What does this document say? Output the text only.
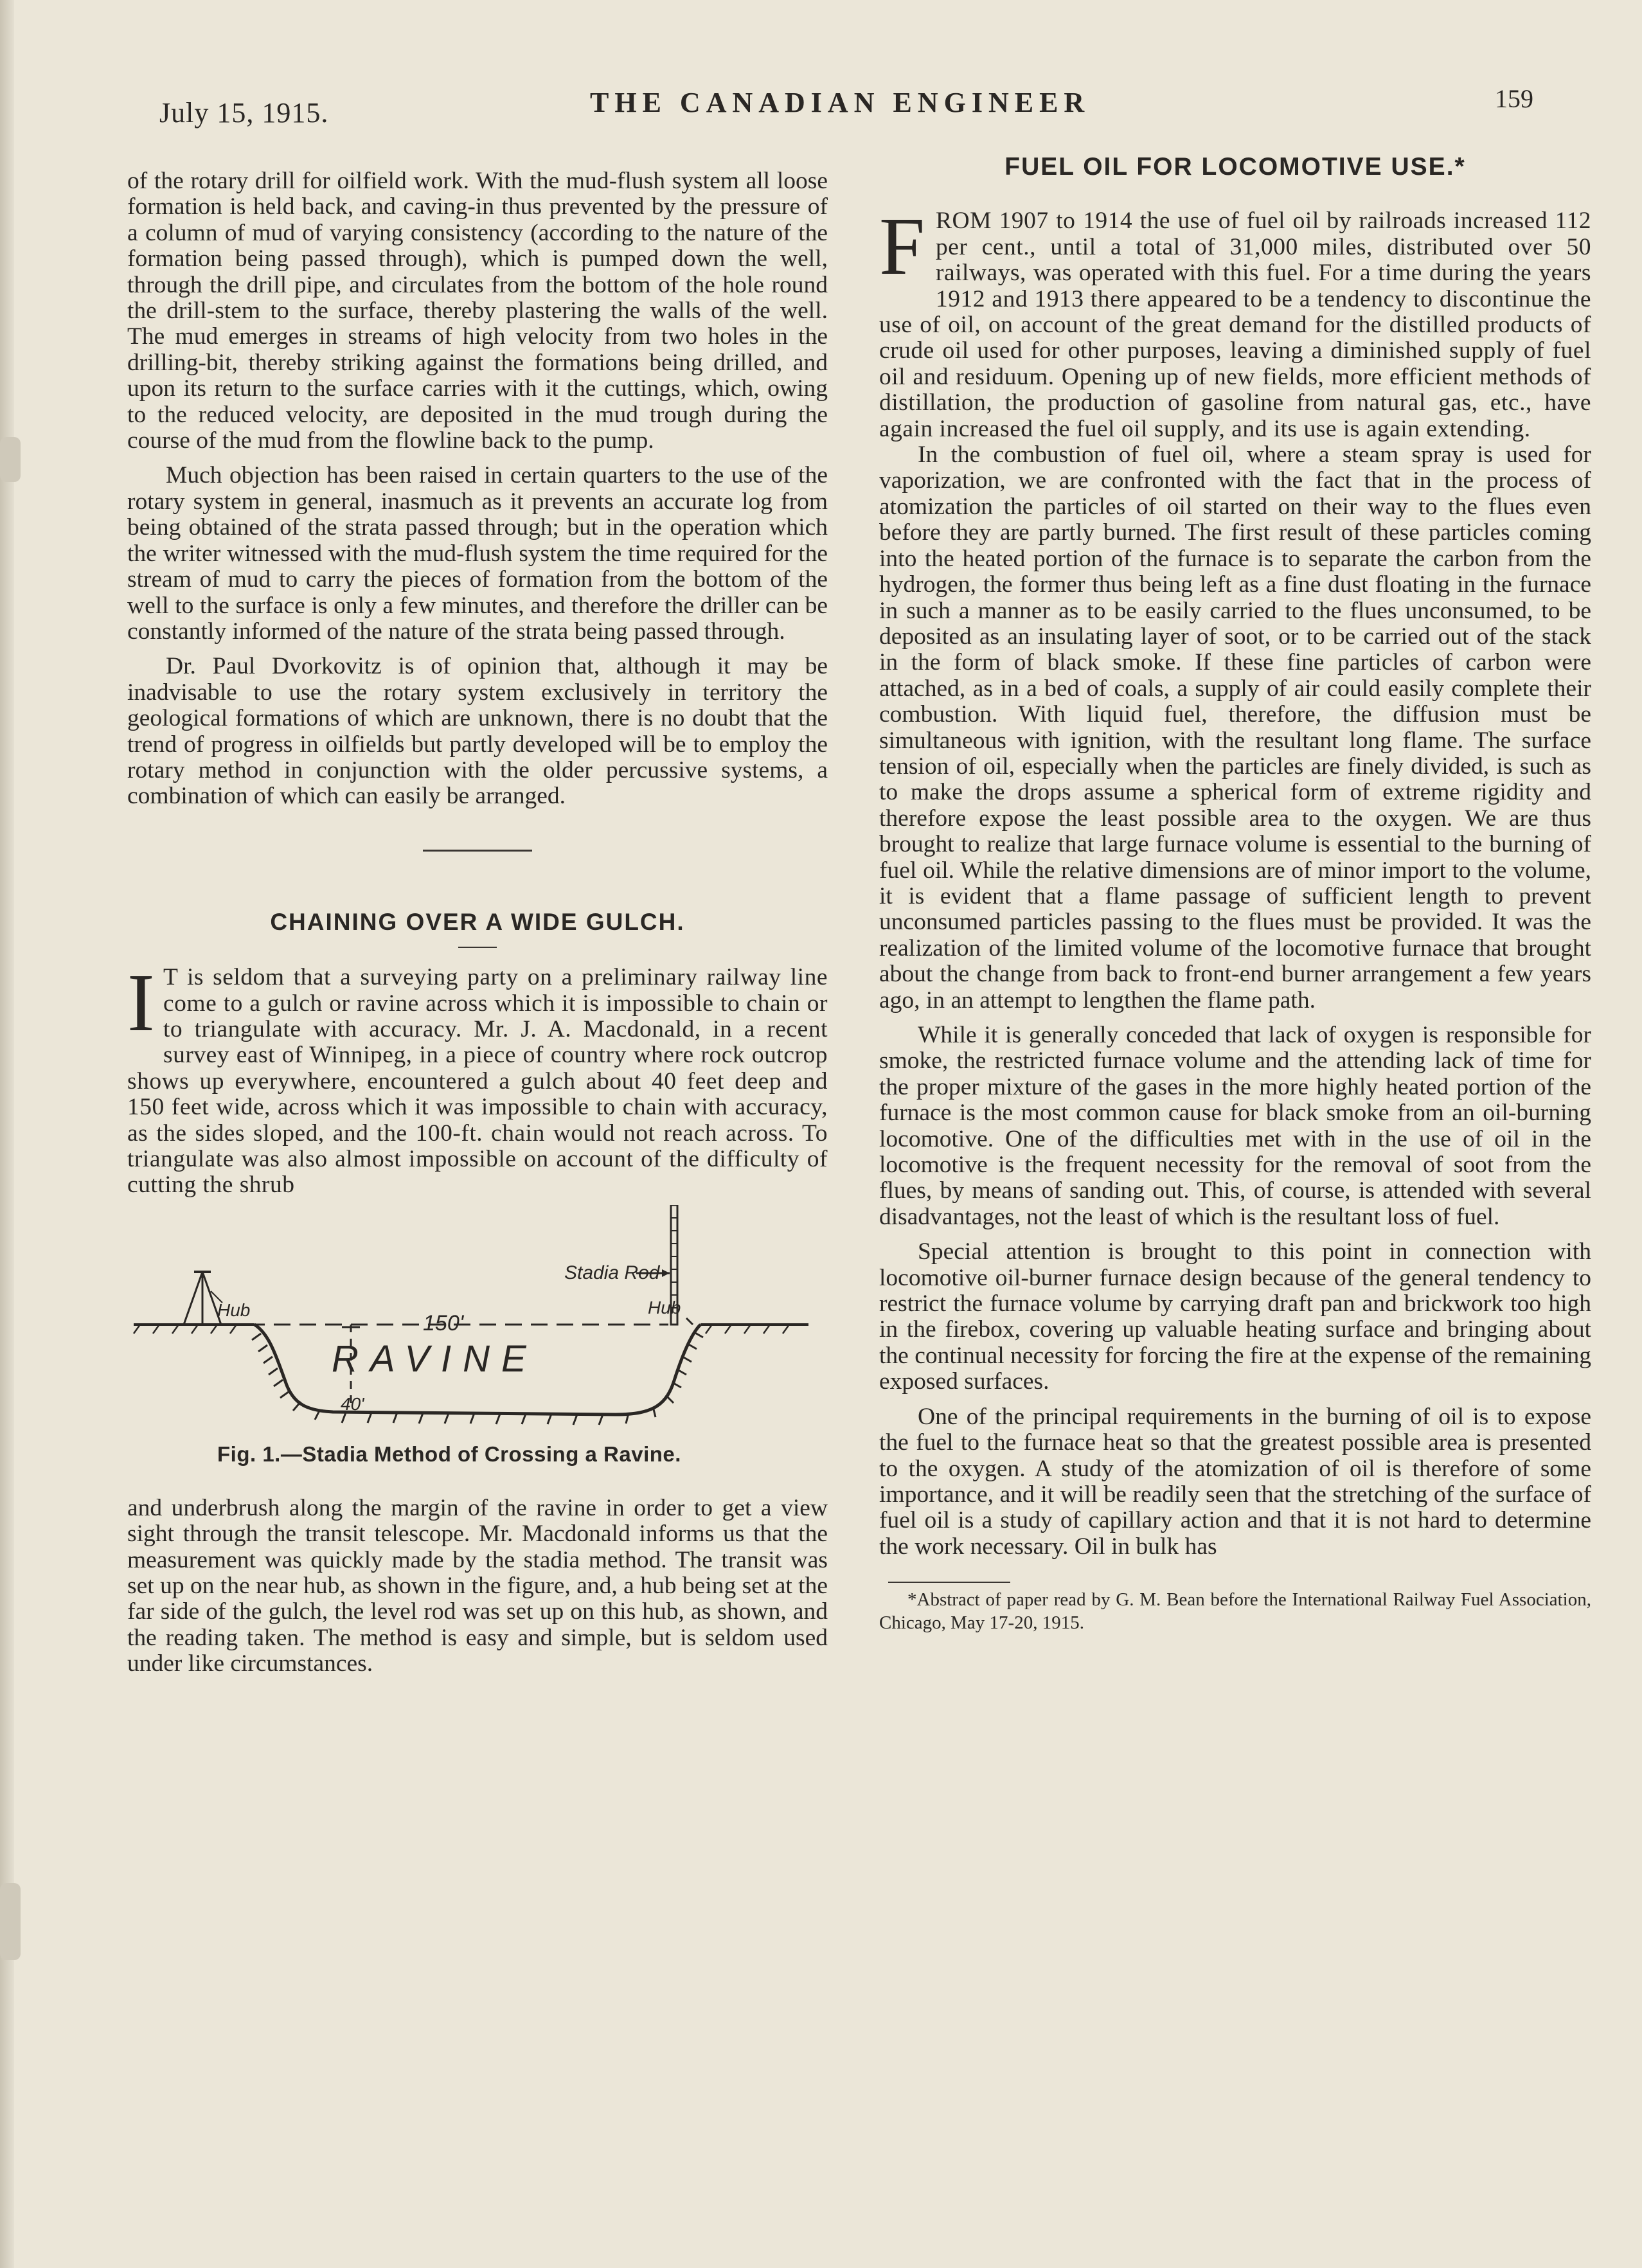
July 15, 1915.	THE CANADIAN ENGINEER	159

of the rotary drill for oilfield work. With the mud-flush system all loose formation is held back, and caving-in thus prevented by the pressure of a column of mud of varying consistency (according to the nature of the formation being passed through), which is pumped down the well, through the drill pipe, and circulates from the bottom of the hole round the drill-stem to the surface, thereby plastering the walls of the well. The mud emerges in streams of high velocity from two holes in the drilling-bit, thereby striking against the formations being drilled, and upon its return to the surface carries with it the cuttings, which, owing to the reduced velocity, are deposited in the mud trough during the course of the mud from the flowline back to the pump.

Much objection has been raised in certain quarters to the use of the rotary system in general, inasmuch as it prevents an accurate log from being obtained of the strata passed through; but in the operation which the writer witnessed with the mud-flush system the time required for the stream of mud to carry the pieces of formation from the bottom of the well to the surface is only a few minutes, and therefore the driller can be constantly informed of the nature of the strata being passed through.

Dr. Paul Dvorkovitz is of opinion that, although it may be inadvisable to use the rotary system exclusively in territory the geological formations of which are unknown, there is no doubt that the trend of progress in oilfields but partly developed will be to employ the rotary method in conjunction with the older percussive systems, a combination of which can easily be arranged.

CHAINING OVER A WIDE GULCH.
I T is seldom that a surveying party on a preliminary railway line come to a gulch or ravine across which it is impossible to chain or to triangulate with accuracy. Mr. J. A. Macdonald, in a recent survey east of Winnipeg, in a piece of country where rock outcrop shows up everywhere, encountered a gulch about 40 feet deep and 150 feet wide, across which it was impossible to chain with accuracy, as the sides sloped, and the 100-ft. chain would not reach across. To triangulate was also almost impossible on account of the difficulty of cutting the shrub

Stadia Rod
Hub	Hub
150'
RAVINE
40'
Fig. 1.—Stadia Method of Crossing a Ravine.

and underbrush along the margin of the ravine in order to get a view sight through the transit telescope. Mr. Macdonald informs us that the measurement was quickly made by the stadia method. The transit was set up on the near hub, as shown in the figure, and, a hub being set at the far side of the gulch, the level rod was set up on this hub, as shown, and the reading taken. The method is easy and simple, but is seldom used under like circumstances.

FUEL OIL FOR LOCOMOTIVE USE.*
F ROM 1907 to 1914 the use of fuel oil by railroads increased 112 per cent., until a total of 31,000 miles, distributed over 50 railways, was operated with this fuel. For a time during the years 1912 and 1913 there appeared to be a tendency to discontinue the use of oil, on account of the great demand for the distilled products of crude oil used for other purposes, leaving a diminished supply of fuel oil and residuum. Opening up of new fields, more efficient methods of distillation, the production of gasoline from natural gas, etc., have again increased the fuel oil supply, and its use is again extending.

In the combustion of fuel oil, where a steam spray is used for vaporization, we are confronted with the fact that in the process of atomization the particles of oil started on their way to the flues even before they are partly burned. The first result of these particles coming into the heated portion of the furnace is to separate the carbon from the hydrogen, the former thus being left as a fine dust floating in the furnace in such a manner as to be easily carried to the flues unconsumed, to be deposited as an insulating layer of soot, or to be carried out of the stack in the form of black smoke. If these fine particles of carbon were attached, as in a bed of coals, a supply of air could easily complete their combustion. With liquid fuel, therefore, the diffusion must be simultaneous with ignition, with the resultant long flame. The surface tension of oil, especially when the particles are finely divided, is such as to make the drops assume a spherical form of extreme rigidity and therefore expose the least possible area to the oxygen. We are thus brought to realize that large furnace volume is essential to the burning of fuel oil. While the relative dimensions are of minor import to the volume, it is evident that a flame passage of sufficient length to prevent unconsumed particles passing to the flues must be provided. It was the realization of the limited volume of the locomotive furnace that brought about the change from back to front-end burner arrangement a few years ago, in an attempt to lengthen the flame path.

While it is generally conceded that lack of oxygen is responsible for smoke, the restricted furnace volume and the attending lack of time for the proper mixture of the gases in the more highly heated portion of the furnace is the most common cause for black smoke from an oil-burning locomotive. One of the difficulties met with in the use of oil in the locomotive is the frequent necessity for the removal of soot from the flues, by means of sanding out. This, of course, is attended with several disadvantages, not the least of which is the resultant loss of fuel.

Special attention is brought to this point in connection with locomotive oil-burner furnace design because of the general tendency to restrict the furnace volume by carrying draft pan and brickwork too high in the firebox, covering up valuable heating surface and bringing about the continual necessity for forcing the fire at the expense of the remaining exposed surfaces.

One of the principal requirements in the burning of oil is to expose the fuel to the furnace heat so that the greatest possible area is presented to the oxygen. A study of the atomization of oil is therefore of some importance, and it will be readily seen that the stretching of the surface of fuel oil is a study of capillary action and that it is not hard to determine the work necessary. Oil in bulk has

*Abstract of paper read by G. M. Bean before the International Railway Fuel Association, Chicago, May 17-20, 1915.
